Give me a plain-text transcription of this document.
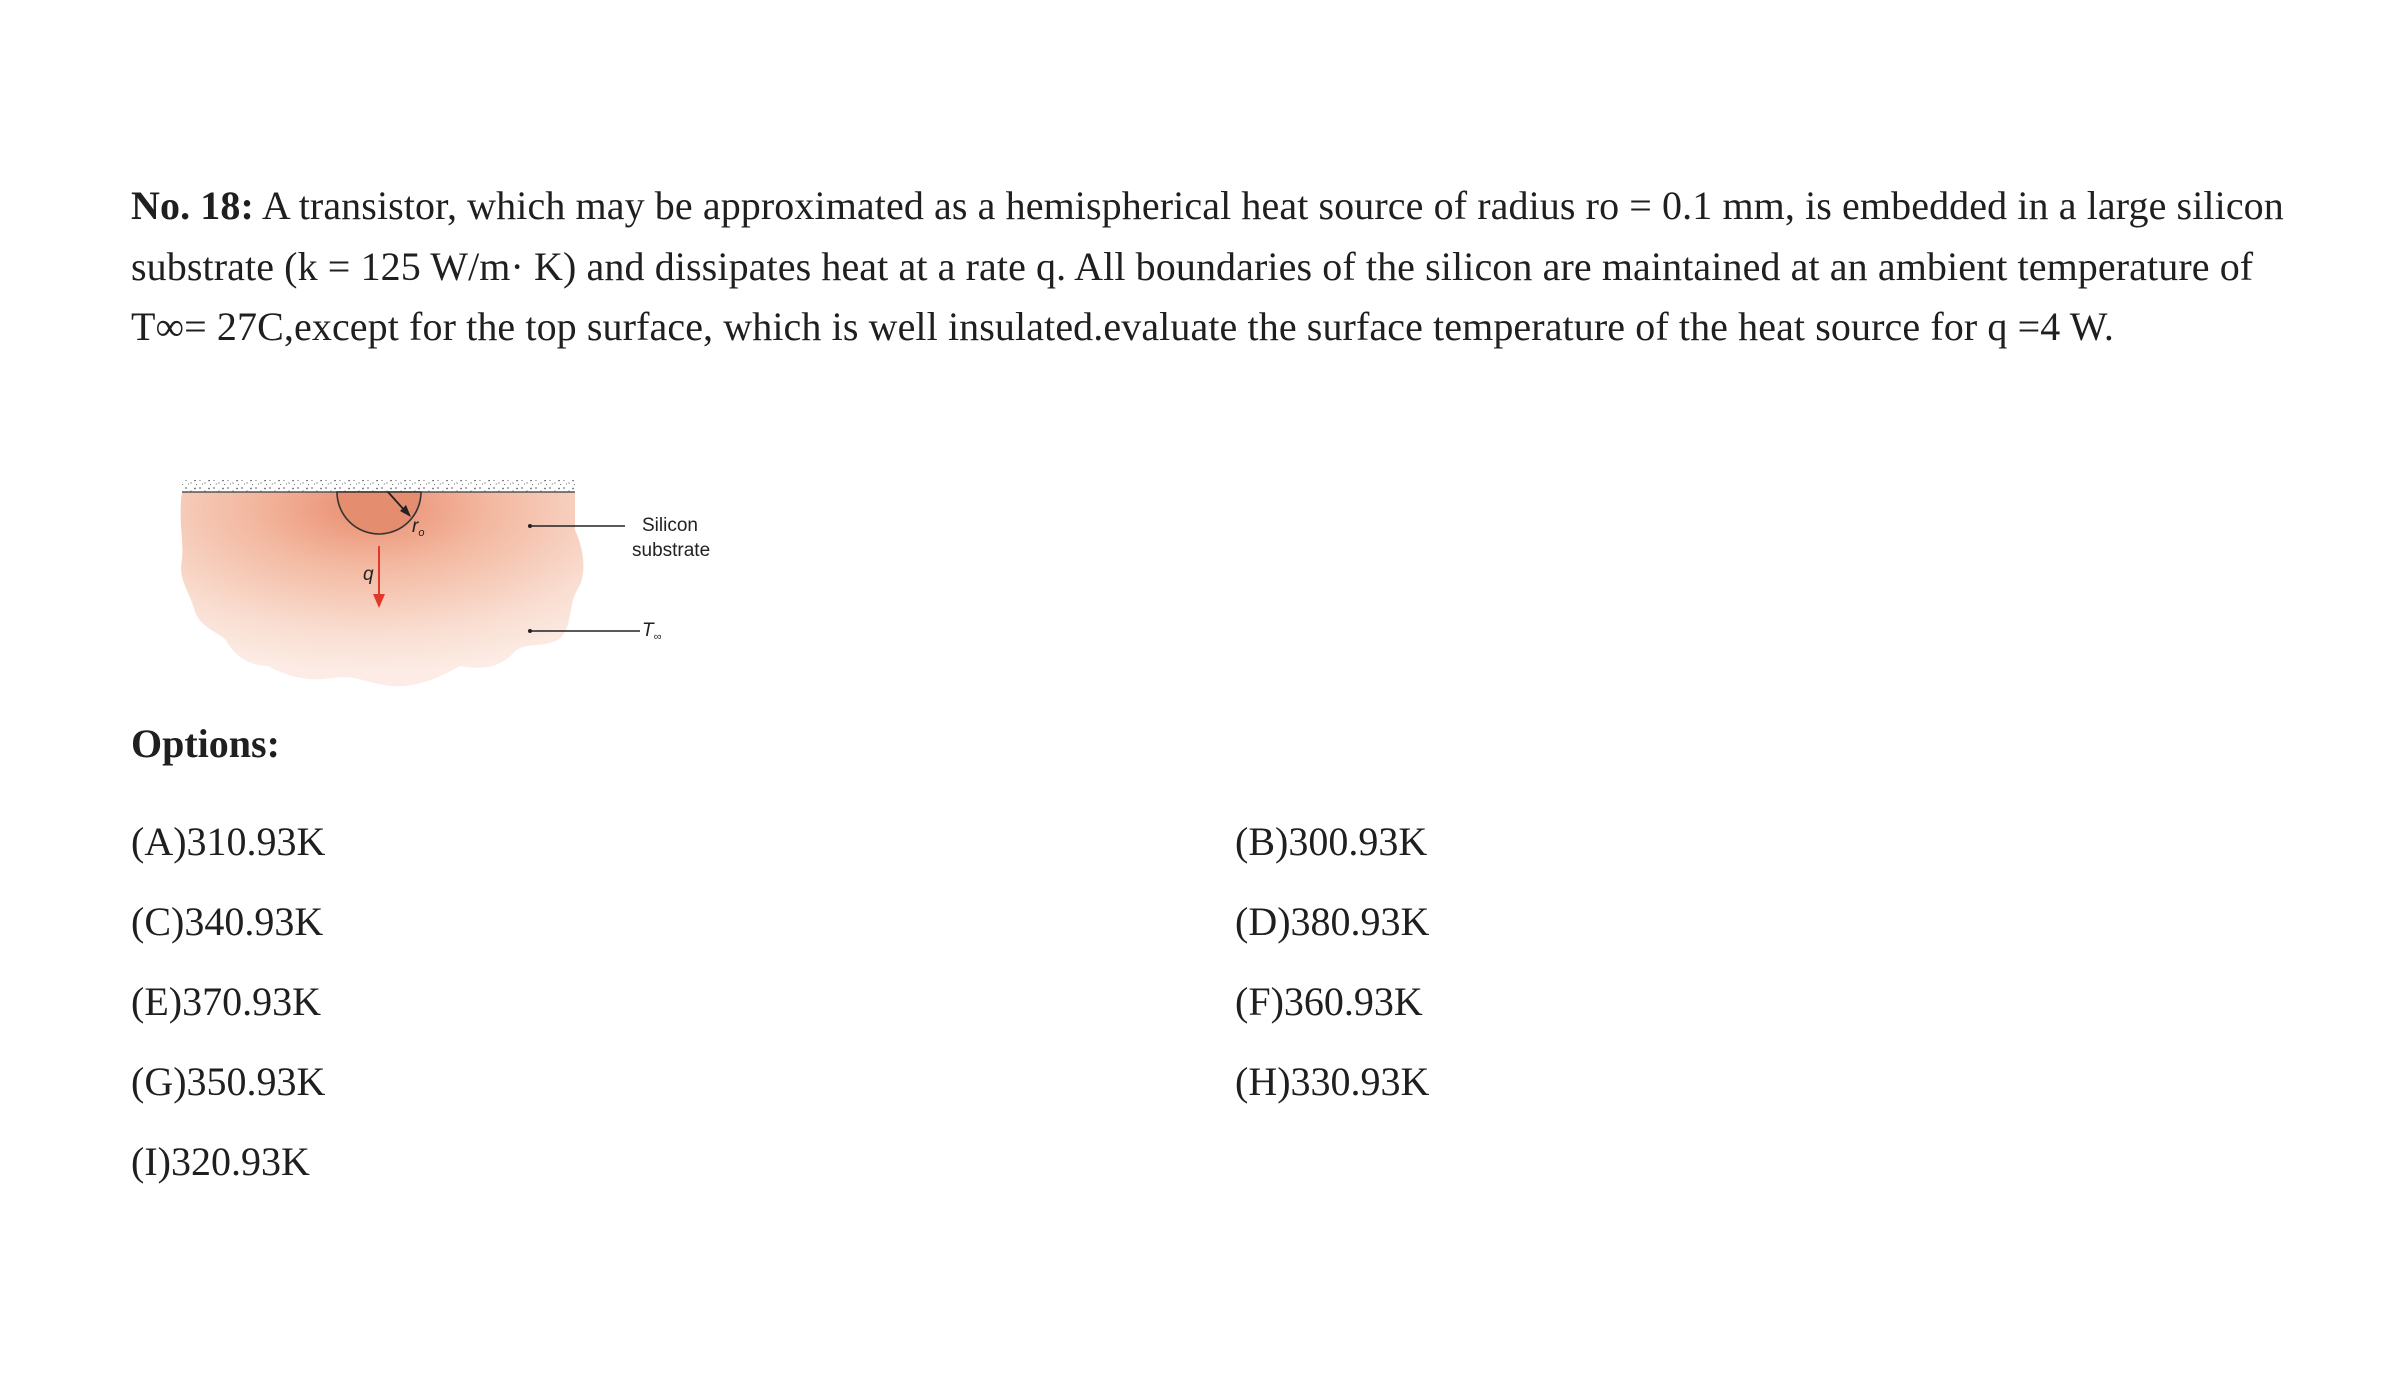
No. 18: A transistor, which may be approximated as a hemispherical heat source of radius ro = 0.1 mm, is embedded in a large silicon substrate (k = 125 W/m· K) and dissipates heat at a rate q. All boundaries of the silicon are maintained at an ambient temperature of T∞= 27C,except for the top surface, which is well insulated.evaluate the surface temperature of the heat source for q =4 W.
$r_o$
q
Silicon
substrate
$T_\infty$
Options:
(A)310.93K	(B)300.93K
(C)340.93K	(D)380.93K
(E)370.93K	(F)360.93K
(G)350.93K	(H)330.93K
(I)320.93K
